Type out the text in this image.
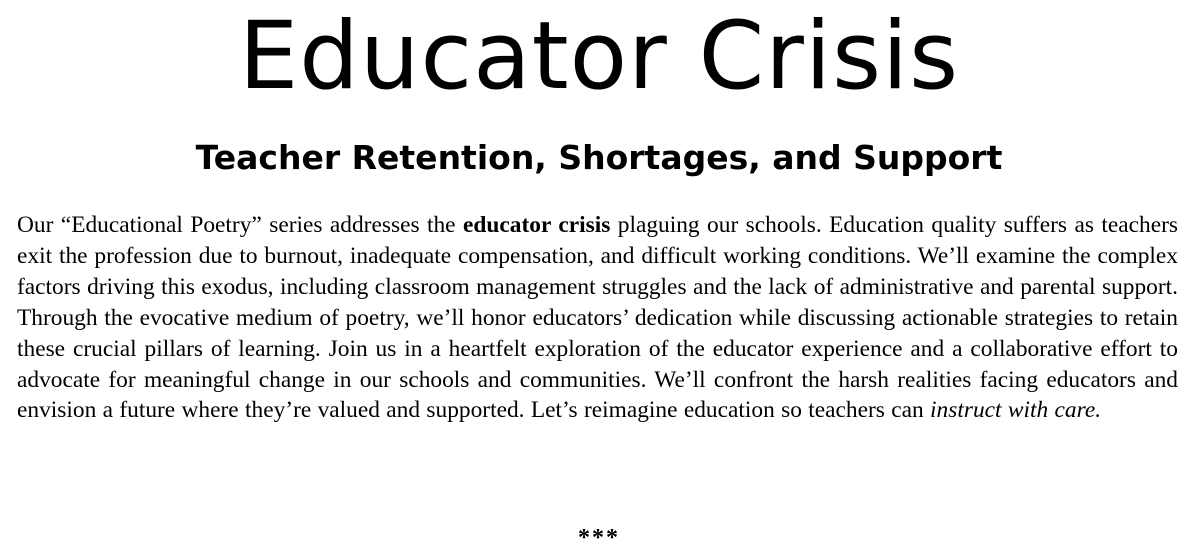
Educator Crisis
Teacher Retention, Shortages, and Support

Our “Educational Poetry” series addresses the educator crisis plaguing our schools. Education quality suffers as teachers exit the profession due to burnout, inadequate compensation, and difficult working conditions. We’ll examine the complex factors driving this exodus, including classroom management struggles and the lack of administrative and parental support. Through the evocative medium of poetry, we’ll honor educators’ dedication while discussing actionable strategies to retain these crucial pillars of learning. Join us in a heartfelt exploration of the educator experience and a collaborative effort to advocate for meaningful change in our schools and communities. We’ll confront the harsh realities facing educators and envision a future where they’re valued and supported. Let’s reimagine education so teachers can instruct with care.

***
